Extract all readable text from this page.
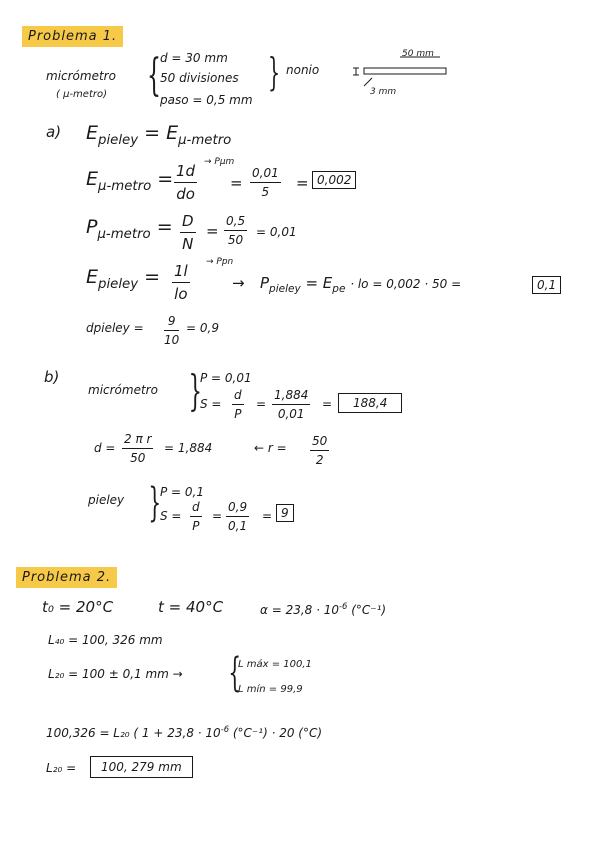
Problema 1.
micrómetro
( μ-metro) { d = 30 mm
50 divisiones
paso = 0,5 mm
} nonio
50 mm
3 mm
a) $E_{pieley} = E_{\mu-metro}$
$E_{\mu-metro} = \frac{1d}{do} \to P\mu m$
= $\frac{0,01}{5} = 0,002$
$P_{\mu-metro} = \frac{D}{N} = \frac{0,5}{50} = 0,01$
$E_{pieley} = \frac{1l}{lo}$ → Ppn
→ $P_{pieley} = E_{pe}$ · lo = 0,002 · 50 =	0,1
dpieley = $\frac{9}{10} = 0,9$
b)
micrómetro }
P = 0,01
$S = \frac{d}{P} = \frac{1,884}{0,01}$ =	188,4
$d = \frac{\text{2 π r}}{50} = 1,884$	← $r = \frac{50}{2}$
pieley }
P = 0,1
$S = \frac{d}{P} = \frac{0,9}{0,1} = 9$
Problema 2.
t₀ = 20°C	t = 40°C	$\alpha = 23,8 \cdot 10^{-6}$ (°C⁻¹)
L₄₀ = 100, 326 mm
L₂₀ = 100 ± 0,1 mm → {
L máx = 100,1
L mín = 99,9
100,326 = L₂₀ ( $1 + 23,8 \cdot 10^{-6}$ (°C⁻¹) · 20 (°C)
L₂₀ =	100, 279 mm
